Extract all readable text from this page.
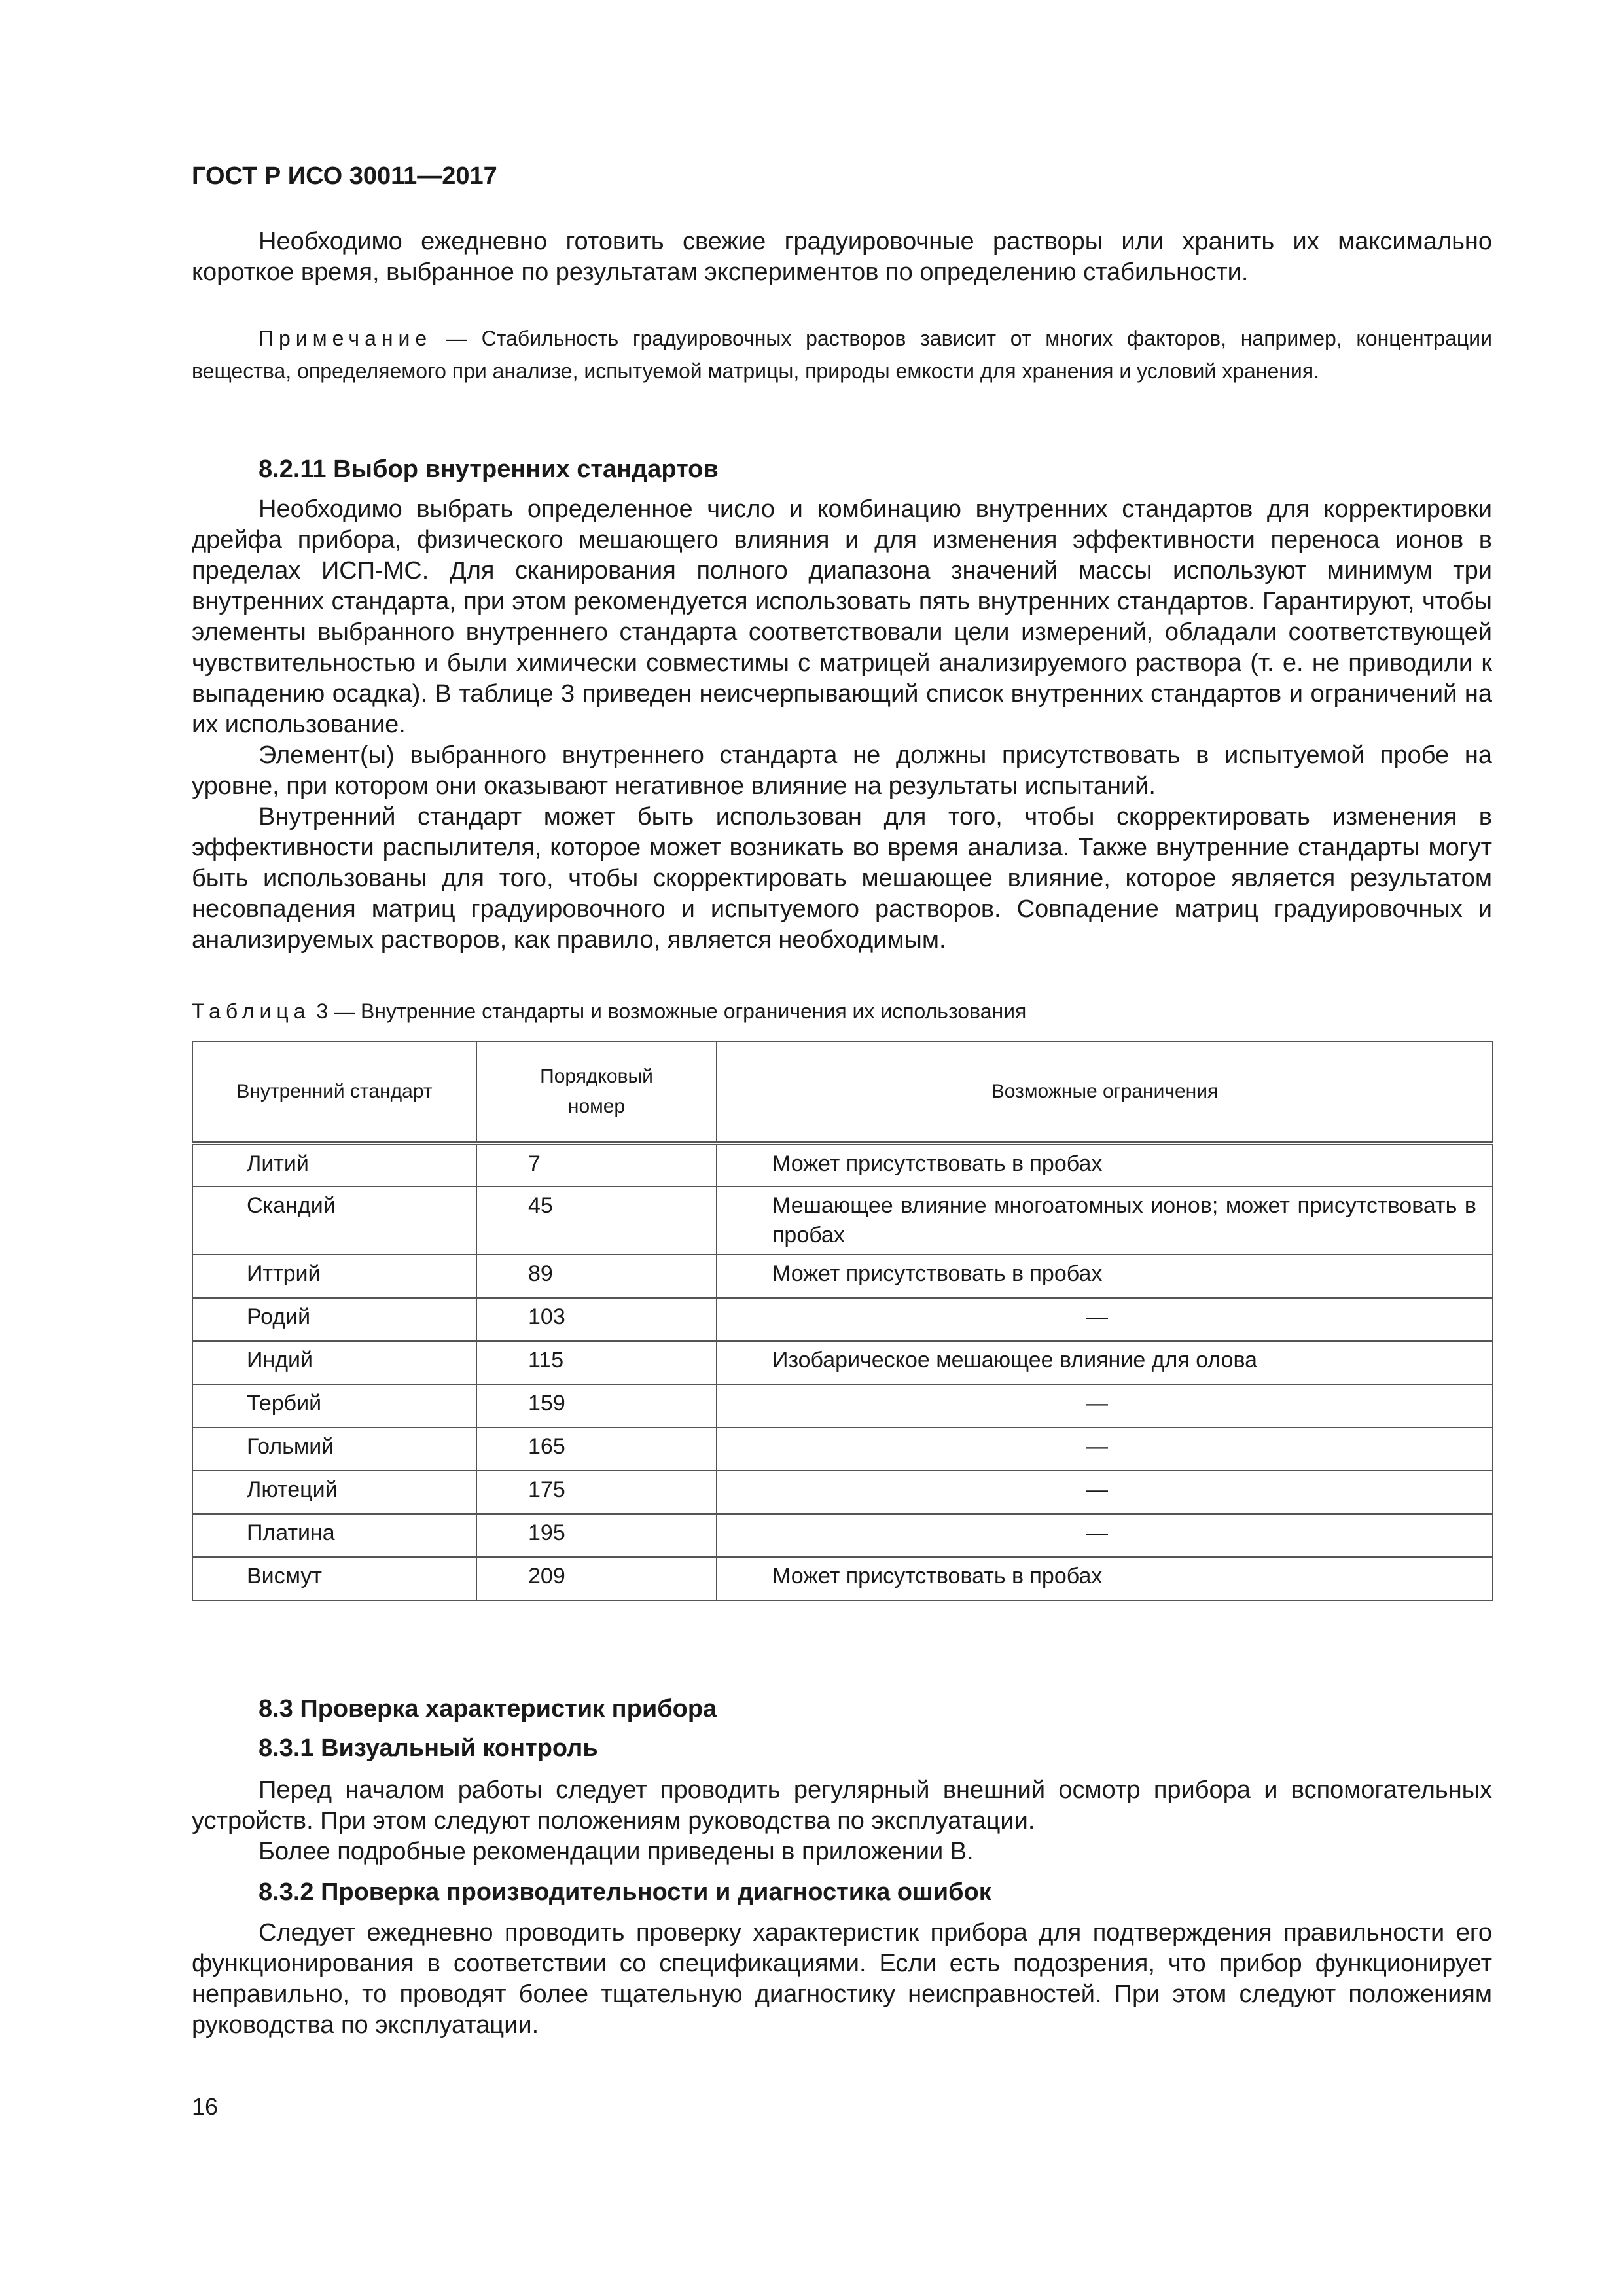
ГОСТ Р ИСО 30011—2017

Необходимо ежедневно готовить свежие градуировочные растворы или хранить их максимально короткое время, выбранное по результатам экспериментов по определению стабильности.

Примечание — Стабильность градуировочных растворов зависит от многих факторов, например, концентрации вещества, определяемого при анализе, испытуемой матрицы, природы емкости для хранения и условий хранения.
8.2.11 Выбор внутренних стандартов

Необходимо выбрать определенное число и комбинацию внутренних стандартов для корректировки дрейфа прибора, физического мешающего влияния и для изменения эффективности переноса ионов в пределах ИСП-МС. Для сканирования полного диапазона значений массы используют минимум три внутренних стандарта, при этом рекомендуется использовать пять внутренних стандартов. Гарантируют, чтобы элементы выбранного внутреннего стандарта соответствовали цели измерений, обладали соответствующей чувствительностью и были химически совместимы с матрицей анализируемого раствора (т. е. не приводили к выпадению осадка). В таблице 3 приведен неисчерпывающий список внутренних стандартов и ограничений на их использование.

Элемент(ы) выбранного внутреннего стандарта не должны присутствовать в испытуемой пробе на уровне, при котором они оказывают негативное влияние на результаты испытаний.

Внутренний стандарт может быть использован для того, чтобы скорректировать изменения в эффективности распылителя, которое может возникать во время анализа. Также внутренние стандарты могут быть использованы для того, чтобы скорректировать мешающее влияние, которое является результатом несовпадения матриц градуировочного и испытуемого растворов. Совпадение матриц градуировочных и анализируемых растворов, как правило, является необходимым.

Таблица 3 — Внутренние стандарты и возможные ограничения их использования
Внутренний стандарт	Порядковый номер	Возможные ограничения
Литий	7	Может присутствовать в пробах
Скандий	45	Мешающее влияние многоатомных ионов; может присутствовать в пробах
Иттрий	89	Может присутствовать в пробах
Родий	103	—
Индий	115	Изобарическое мешающее влияние для олова
Тербий	159	—
Гольмий	165	—
Лютеций	175	—
Платина	195	—
Висмут	209	Может присутствовать в пробах
8.3 Проверка характеристик прибора
8.3.1 Визуальный контроль

Перед началом работы следует проводить регулярный внешний осмотр прибора и вспомогательных устройств. При этом следуют положениям руководства по эксплуатации.

Более подробные рекомендации приведены в приложении В.

8.3.2 Проверка производительности и диагностика ошибок

Следует ежедневно проводить проверку характеристик прибора для подтверждения правильности его функционирования в соответствии со спецификациями. Если есть подозрения, что прибор функционирует неправильно, то проводят более тщательную диагностику неисправностей. При этом следуют положениям руководства по эксплуатации.

16
